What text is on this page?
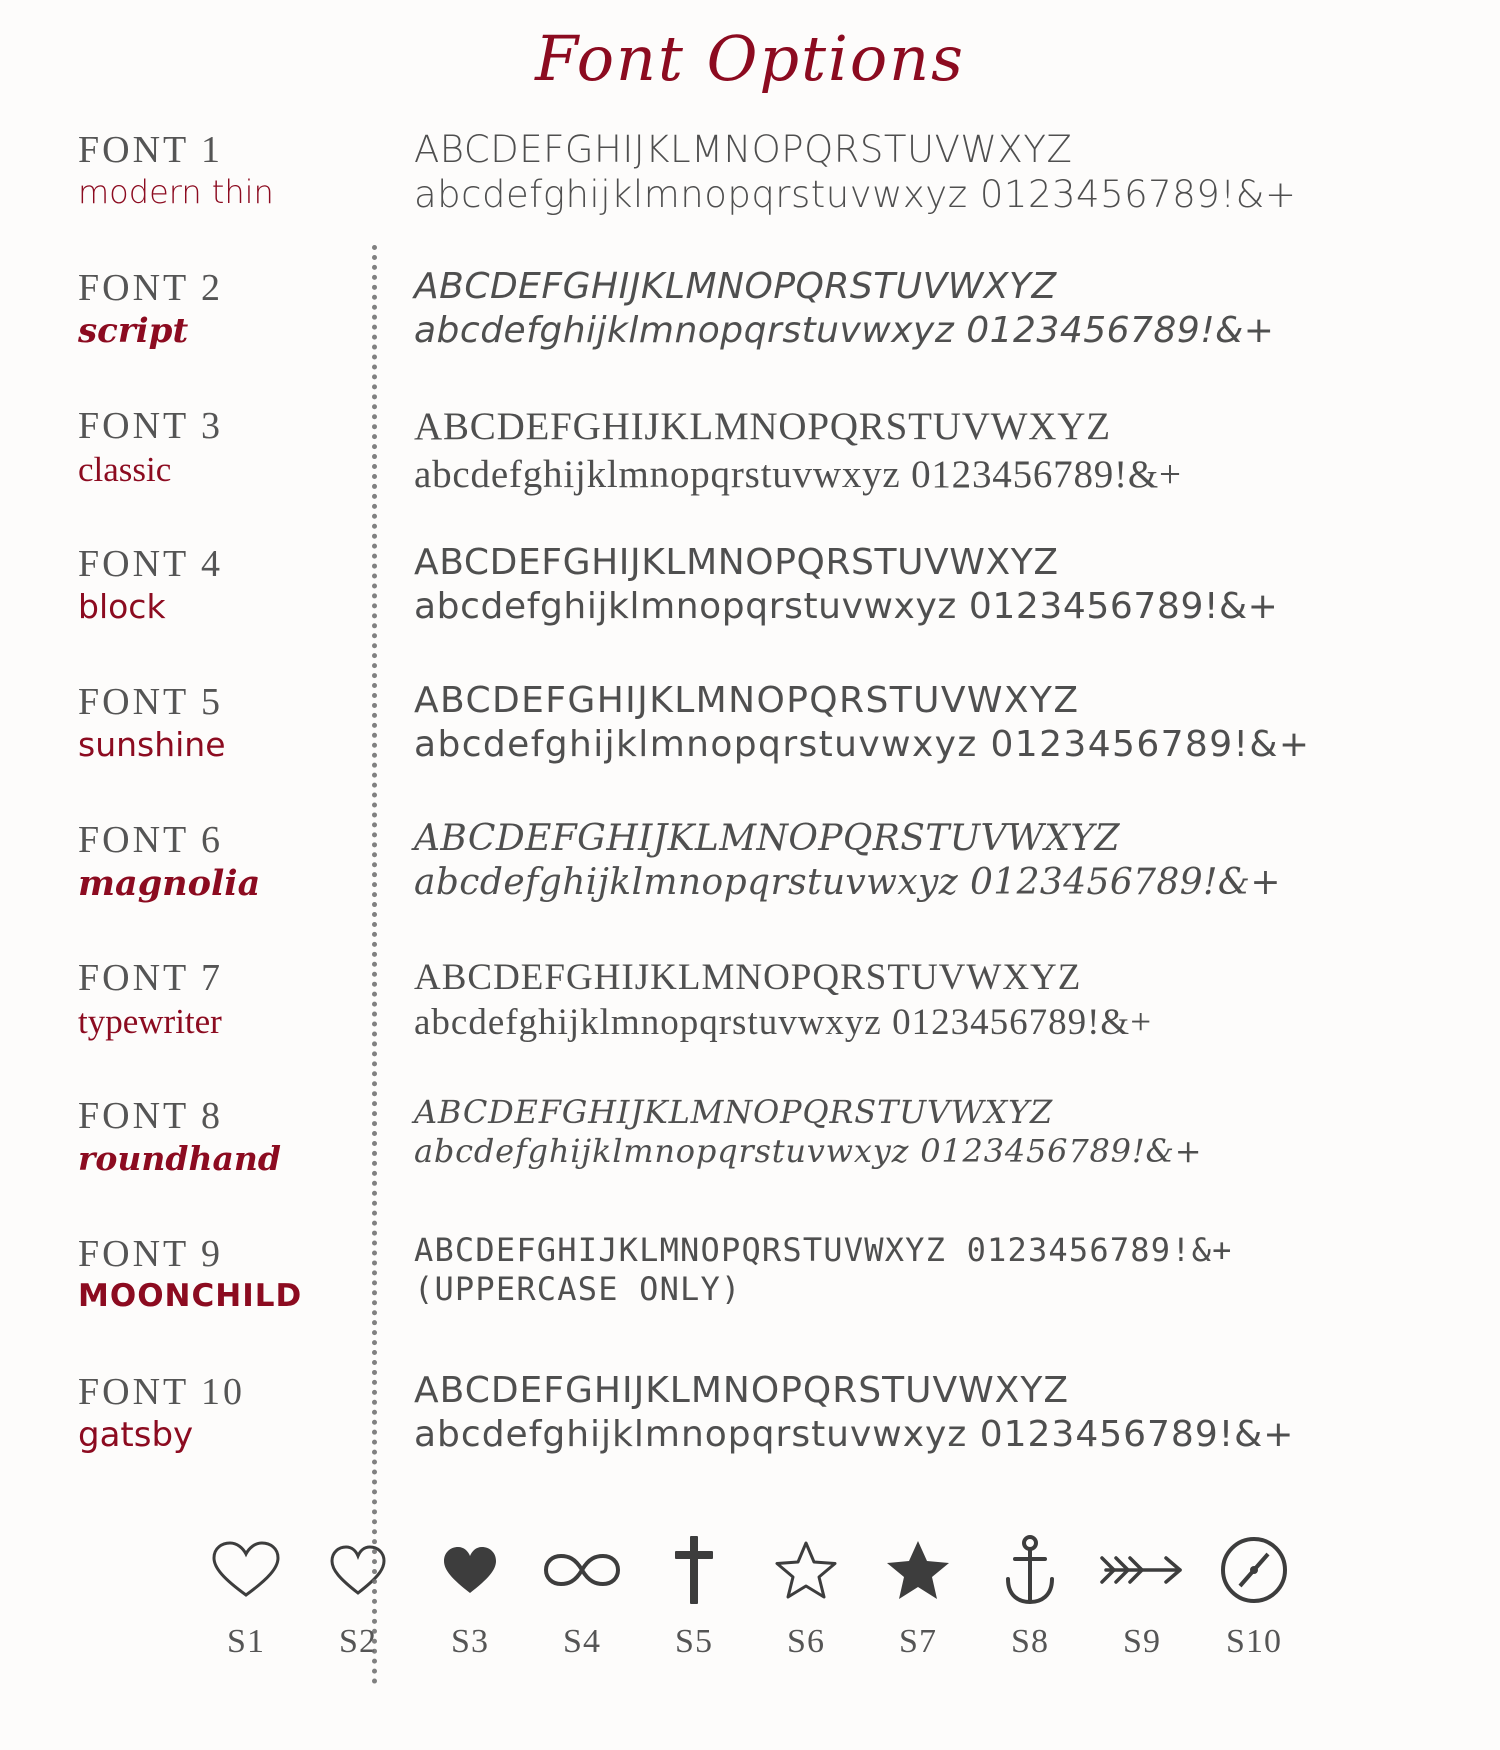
Font Options
FONT 1
modern thin
ABCDEFGHIJKLMNOPQRSTUVWXYZ
abcdefghijklmnopqrstuvwxyz 0123456789!&+
FONT 2
script
ABCDEFGHIJKLMNOPQRSTUVWXYZ
abcdefghijklmnopqrstuvwxyz 0123456789!&+
FONT 3
classic
ABCDEFGHIJKLMNOPQRSTUVWXYZ
abcdefghijklmnopqrstuvwxyz 0123456789!&+
FONT 4
block
ABCDEFGHIJKLMNOPQRSTUVWXYZ
abcdefghijklmnopqrstuvwxyz 0123456789!&+
FONT 5
sunshine
ABCDEFGHIJKLMNOPQRSTUVWXYZ
abcdefghijklmnopqrstuvwxyz 0123456789!&+
FONT 6
magnolia
ABCDEFGHIJKLMNOPQRSTUVWXYZ
abcdefghijklmnopqrstuvwxyz 0123456789!&+
FONT 7
typewriter
ABCDEFGHIJKLMNOPQRSTUVWXYZ
abcdefghijklmnopqrstuvwxyz 0123456789!&+
FONT 8
roundhand
ABCDEFGHIJKLMNOPQRSTUVWXYZ
abcdefghijklmnopqrstuvwxyz 0123456789!&+
FONT 9
MOONCHILD
ABCDEFGHIJKLMNOPQRSTUVWXYZ 0123456789!&+
(UPPERCASE ONLY)
FONT 10
gatsby
ABCDEFGHIJKLMNOPQRSTUVWXYZ
abcdefghijklmnopqrstuvwxyz 0123456789!&+
S1	S2	S3	S4	S5	S6	S7	S8	S9	S10
